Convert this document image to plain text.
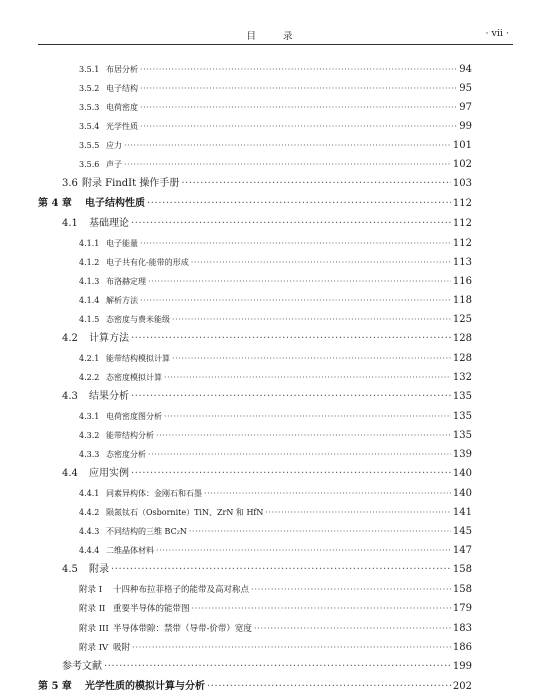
目 录	· vii ·
3.5.1 布居分析 ·····	94
3.5.2 电子结构 ·····	95
3.5.3 电荷密度 ·····	97
3.5.4 光学性质 ·····	99
3.5.5 应力 ·····	101
3.5.6 声子 ·····	102
3.6 附录 FindIt 操作手册 ·····	103
第 4 章	电子结构性质 ·····	112
4.1	基础理论 ·····	112
4.1.1 电子能量 ·····	112
4.1.2 电子共有化-能带的形成 ·····	113
4.1.3 布洛赫定理 ·····	116
4.1.4 解析方法 ·····	118
4.1.5 态密度与费米能级 ·····	125
4.2	计算方法 ·····	128
4.2.1 能带结构模拟计算 ·····	128
4.2.2 态密度模拟计算 ·····	132
4.3	结果分析 ·····	135
4.3.1 电荷密度图分析 ·····	135
4.3.2 能带结构分析 ·····	135
4.3.3 态密度分析 ·····	139
4.4	应用实例 ·····	140
4.4.1 同素异构体：金刚石和石墨 ·····	140
4.4.2 陨氮钛石（Osbornite）TiN、ZrN 和 HfN ·····	141
4.4.3 不同结构的三维 BC₂N ·····	145
4.4.4 二维晶体材料 ·····	147
4.5	附录 ·····	158
附录 I	十四种布拉菲格子的能带及高对称点 ·····	158
附录 II 重要半导体的能带图 ·····	179
附录 III 半导体带隙：禁带（导带-价带）宽度 ·····	183
附录 IV 吸附 ·····	186
参考文献 ·····	199
第 5 章	光学性质的模拟计算与分析 ·····	202
